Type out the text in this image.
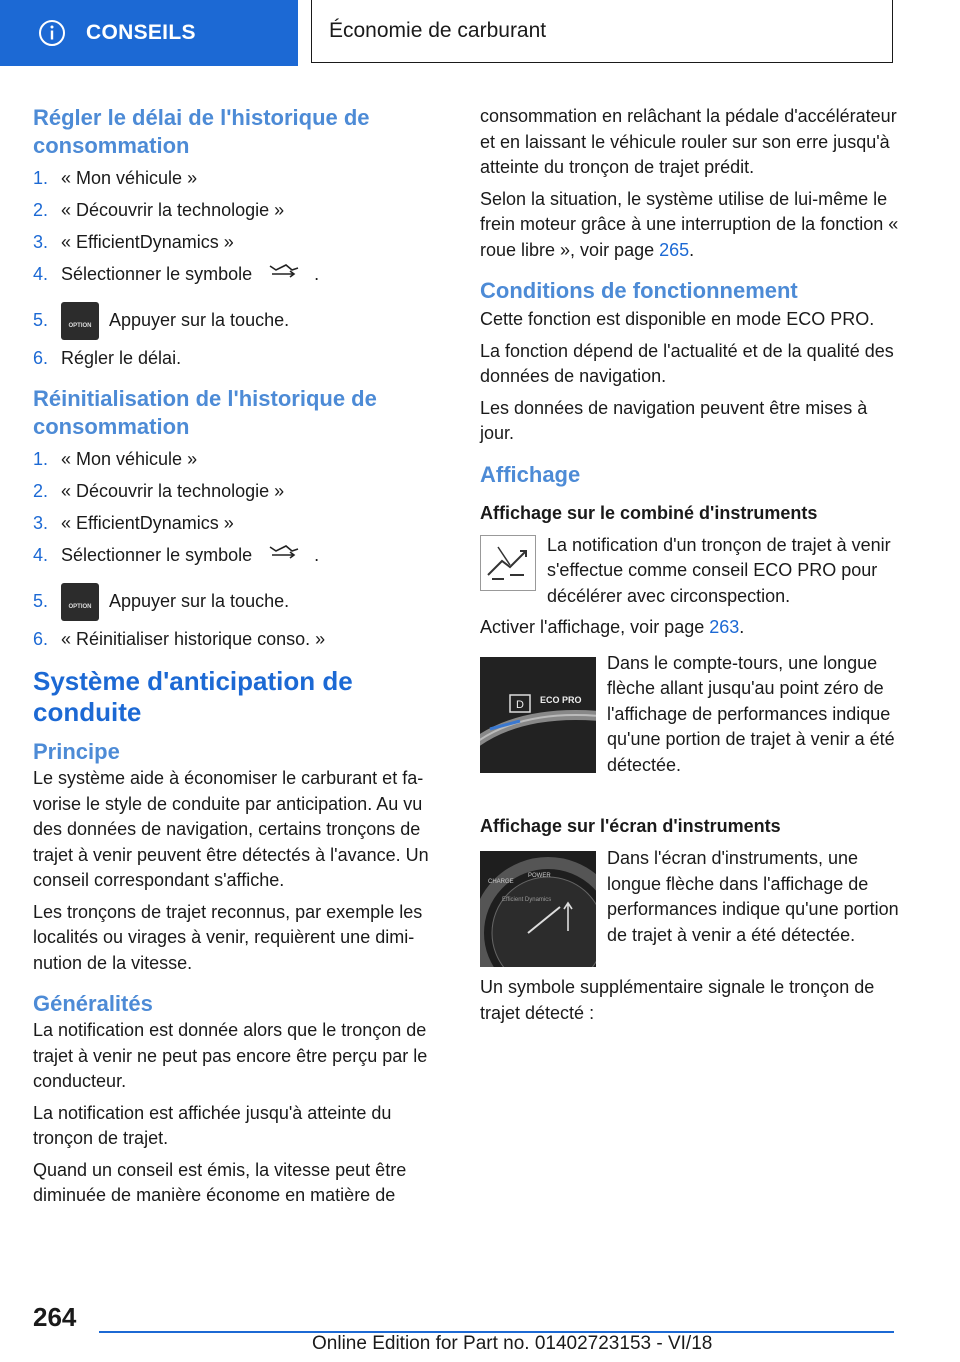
CONSEILS	Économie de carburant
Régler le délai de l'historique de consommation
1. « Mon véhicule »
2. « Découvrir la technologie »
3. « EfficientDynamics »
4. Sélectionner le symbole	.
5.	OPTION Appuyer sur la touche.
6. Régler le délai.
Réinitialisation de l'historique de consommation
1. « Mon véhicule »
2. « Découvrir la technologie »
3. « EfficientDynamics »
4. Sélectionner le symbole	.
5.	OPTION Appuyer sur la touche.
6. « Réinitialiser historique conso. »
Système d'anticipation de conduite
Principe

Le système aide à économiser le carburant et favorise le style de conduite par anticipation. Au vu des données de navigation, certains tronçons de trajet à venir peuvent être détectés à l'avance. Un conseil correspondant s'affiche.

Les tronçons de trajet reconnus, par exemple les localités ou virages à venir, requièrent une diminution de la vitesse.

Généralités

La notification est donnée alors que le tronçon de trajet à venir ne peut pas encore être perçu par le conducteur.

La notification est affichée jusqu'à atteinte du tronçon de trajet.

Quand un conseil est émis, la vitesse peut être diminuée de manière économe en matière de

consommation en relâchant la pédale d'accélérateur et en laissant le véhicule rouler sur son erre jusqu'à atteinte du tronçon de trajet prédit.

Selon la situation, le système utilise de lui-même le frein moteur grâce à une interruption de la fonction « roue libre », voir page 265.

Conditions de fonctionnement

Cette fonction est disponible en mode ECO PRO.

La fonction dépend de l'actualité et de la qualité des données de navigation.

Les données de navigation peuvent être mises à jour.

Affichage
Affichage sur le combiné d'instruments

La notification d'un tronçon de trajet à venir s'effectue comme conseil ECO PRO pour décélérer avec circonspection.

Activer l'affichage, voir page 263.

D ECO PRO

Dans le compte-tours, une longue flèche allant jusqu'au point zéro de l'affichage de performances indique qu'une portion de trajet à venir a été détectée.

Affichage sur l'écran d'instruments
CHARGE
POWER
Efficient Dynamics

Dans l'écran d'instruments, une longue flèche dans l'affichage de performances indique qu'une portion de trajet à venir a été détectée.

Un symbole supplémentaire signale le tronçon de trajet détecté :

264
Online Edition for Part no. 01402723153 - VI/18
